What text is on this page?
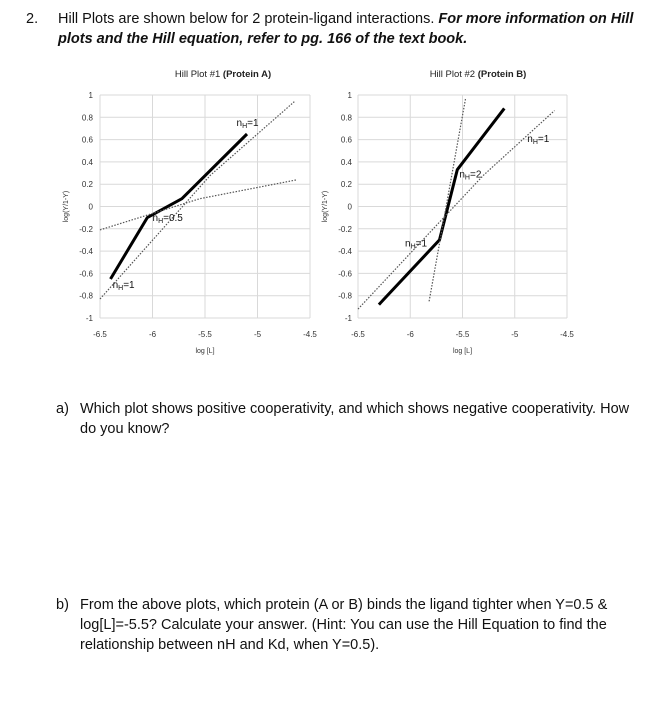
2. Hill Plots are shown below for 2 protein-ligand interactions. For more information on Hill plots and the Hill equation, refer to pg. 166 of the text book.
Hill Plot #1 (Protein A)
1
0.8
0.6
0.4
0.2
0
-0.2
-0.4
-0.6
-0.8
-1
-6.5	-6	-5.5	-5	-4.5
log [L]
log(Y/1-Y)
$n_H=1$
$n_H=0.5$
$n_H=1$
Hill Plot #2 (Protein B)
1
0.8
0.6
0.4
0.2
0
-0.2
-0.4
-0.6
-0.8
-1
-6.5	-6	-5.5	-5	-4.5
log [L]
log(Y/1-Y)
$n_H=1$
$n_H=2$
$n_H=1$
a) Which plot shows positive cooperativity, and which shows negative cooperativity. How do you know?
b) From the above plots, which protein (A or B) binds the ligand tighter when Y=0.5 & log[L]=-5.5? Calculate your answer. (Hint: You can use the Hill Equation to find the relationship between nH and Kd, when Y=0.5).
